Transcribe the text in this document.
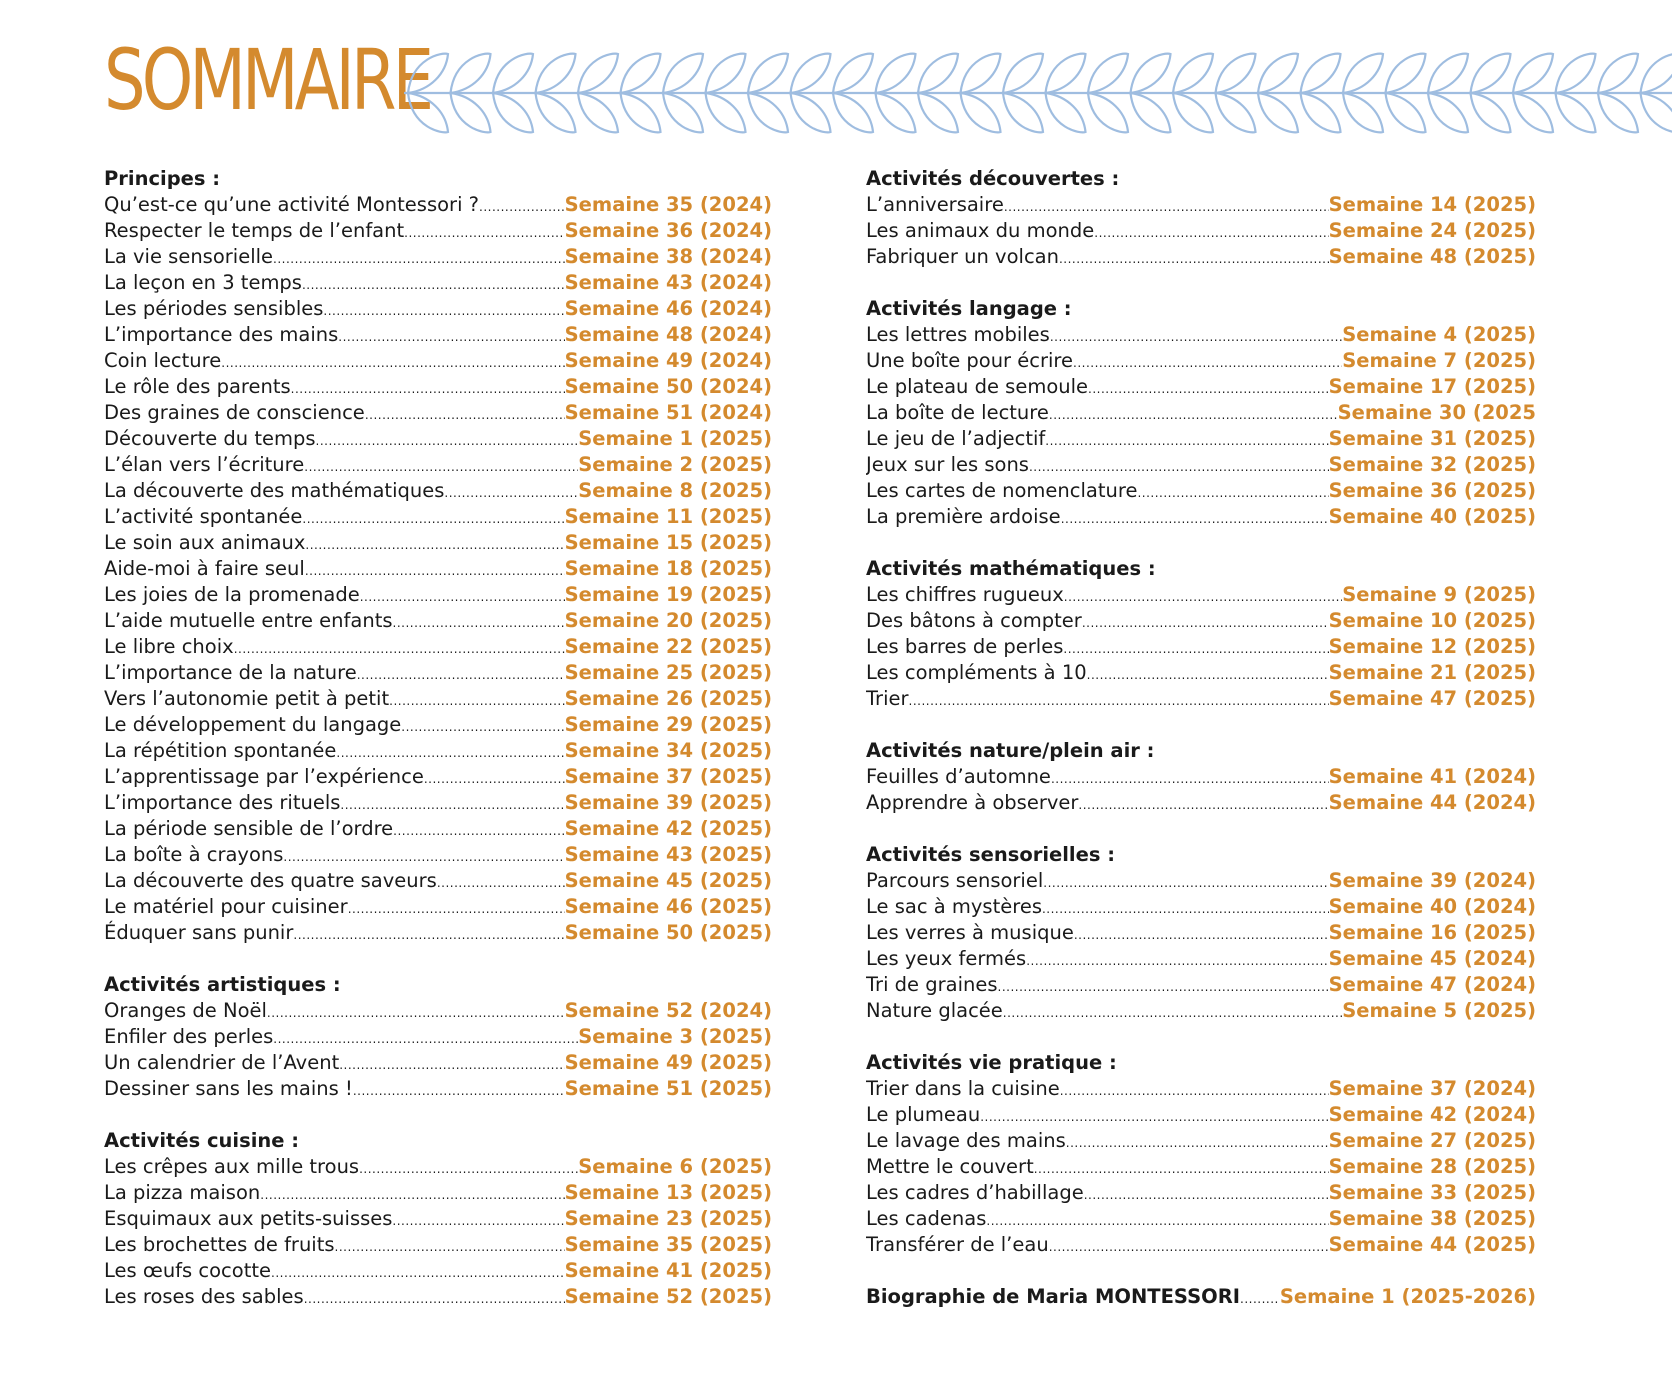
SOMMAIRE
Principes :
Qu’est-ce qu’une activité Montessori ? .....	Semaine 35 (2024)
Respecter le temps de l’enfant .....	Semaine 36 (2024)
La vie sensorielle .....	Semaine 38 (2024)
La leçon en 3 temps .....	Semaine 43 (2024)
Les périodes sensibles .....	Semaine 46 (2024)
L’importance des mains .....	Semaine 48 (2024)
Coin lecture .....	Semaine 49 (2024)
Le rôle des parents .....	Semaine 50 (2024)
Des graines de conscience .....	Semaine 51 (2024)
Découverte du temps .....	Semaine 1 (2025)
L’élan vers l’écriture .....	Semaine 2 (2025)
La découverte des mathématiques .....	Semaine 8 (2025)
L’activité spontanée .....	Semaine 11 (2025)
Le soin aux animaux .....	Semaine 15 (2025)
Aide-moi à faire seul .....	Semaine 18 (2025)
Les joies de la promenade .....	Semaine 19 (2025)
L’aide mutuelle entre enfants .....	Semaine 20 (2025)
Le libre choix .....	Semaine 22 (2025)
L’importance de la nature .....	Semaine 25 (2025)
Vers l’autonomie petit à petit .....	Semaine 26 (2025)
Le développement du langage .....	Semaine 29 (2025)
La répétition spontanée .....	Semaine 34 (2025)
L’apprentissage par l’expérience .....	Semaine 37 (2025)
L’importance des rituels .....	Semaine 39 (2025)
La période sensible de l’ordre .....	Semaine 42 (2025)
La boîte à crayons .....	Semaine 43 (2025)
La découverte des quatre saveurs .....	Semaine 45 (2025)
Le matériel pour cuisiner .....	Semaine 46 (2025)
Éduquer sans punir .....	Semaine 50 (2025)
Activités artistiques :
Oranges de Noël .....	Semaine 52 (2024)
Enfiler des perles .....	Semaine 3 (2025)
Un calendrier de l’Avent .....	Semaine 49 (2025)
Dessiner sans les mains ! .....	Semaine 51 (2025)
Activités cuisine :
Les crêpes aux mille trous .....	Semaine 6 (2025)
La pizza maison .....	Semaine 13 (2025)
Esquimaux aux petits-suisses .....	Semaine 23 (2025)
Les brochettes de fruits .....	Semaine 35 (2025)
Les œufs cocotte .....	Semaine 41 (2025)
Les roses des sables .....	Semaine 52 (2025)
Activités découvertes :
L’anniversaire .....	Semaine 14 (2025)
Les animaux du monde .....	Semaine 24 (2025)
Fabriquer un volcan .....	Semaine 48 (2025)
Activités langage :
Les lettres mobiles .....	Semaine 4 (2025)
Une boîte pour écrire .....	Semaine 7 (2025)
Le plateau de semoule .....	Semaine 17 (2025)
La boîte de lecture .....	Semaine 30 (2025
Le jeu de l’adjectif .....	Semaine 31 (2025)
Jeux sur les sons .....	Semaine 32 (2025)
Les cartes de nomenclature .....	Semaine 36 (2025)
La première ardoise .....	Semaine 40 (2025)
Activités mathématiques :
Les chiffres rugueux .....	Semaine 9 (2025)
Des bâtons à compter .....	Semaine 10 (2025)
Les barres de perles .....	Semaine 12 (2025)
Les compléments à 10 .....	Semaine 21 (2025)
Trier .....	Semaine 47 (2025)
Activités nature/plein air :
Feuilles d’automne .....	Semaine 41 (2024)
Apprendre à observer .....	Semaine 44 (2024)
Activités sensorielles :
Parcours sensoriel .....	Semaine 39 (2024)
Le sac à mystères .....	Semaine 40 (2024)
Les verres à musique .....	Semaine 16 (2025)
Les yeux fermés .....	Semaine 45 (2024)
Tri de graines .....	Semaine 47 (2024)
Nature glacée .....	Semaine 5 (2025)
Activités vie pratique :
Trier dans la cuisine .....	Semaine 37 (2024)
Le plumeau .....	Semaine 42 (2024)
Le lavage des mains .....	Semaine 27 (2025)
Mettre le couvert .....	Semaine 28 (2025)
Les cadres d’habillage .....	Semaine 33 (2025)
Les cadenas .....	Semaine 38 (2025)
Transférer de l’eau .....	Semaine 44 (2025)
Biographie de Maria MONTESSORI ..... Semaine 1 (2025-2026)
